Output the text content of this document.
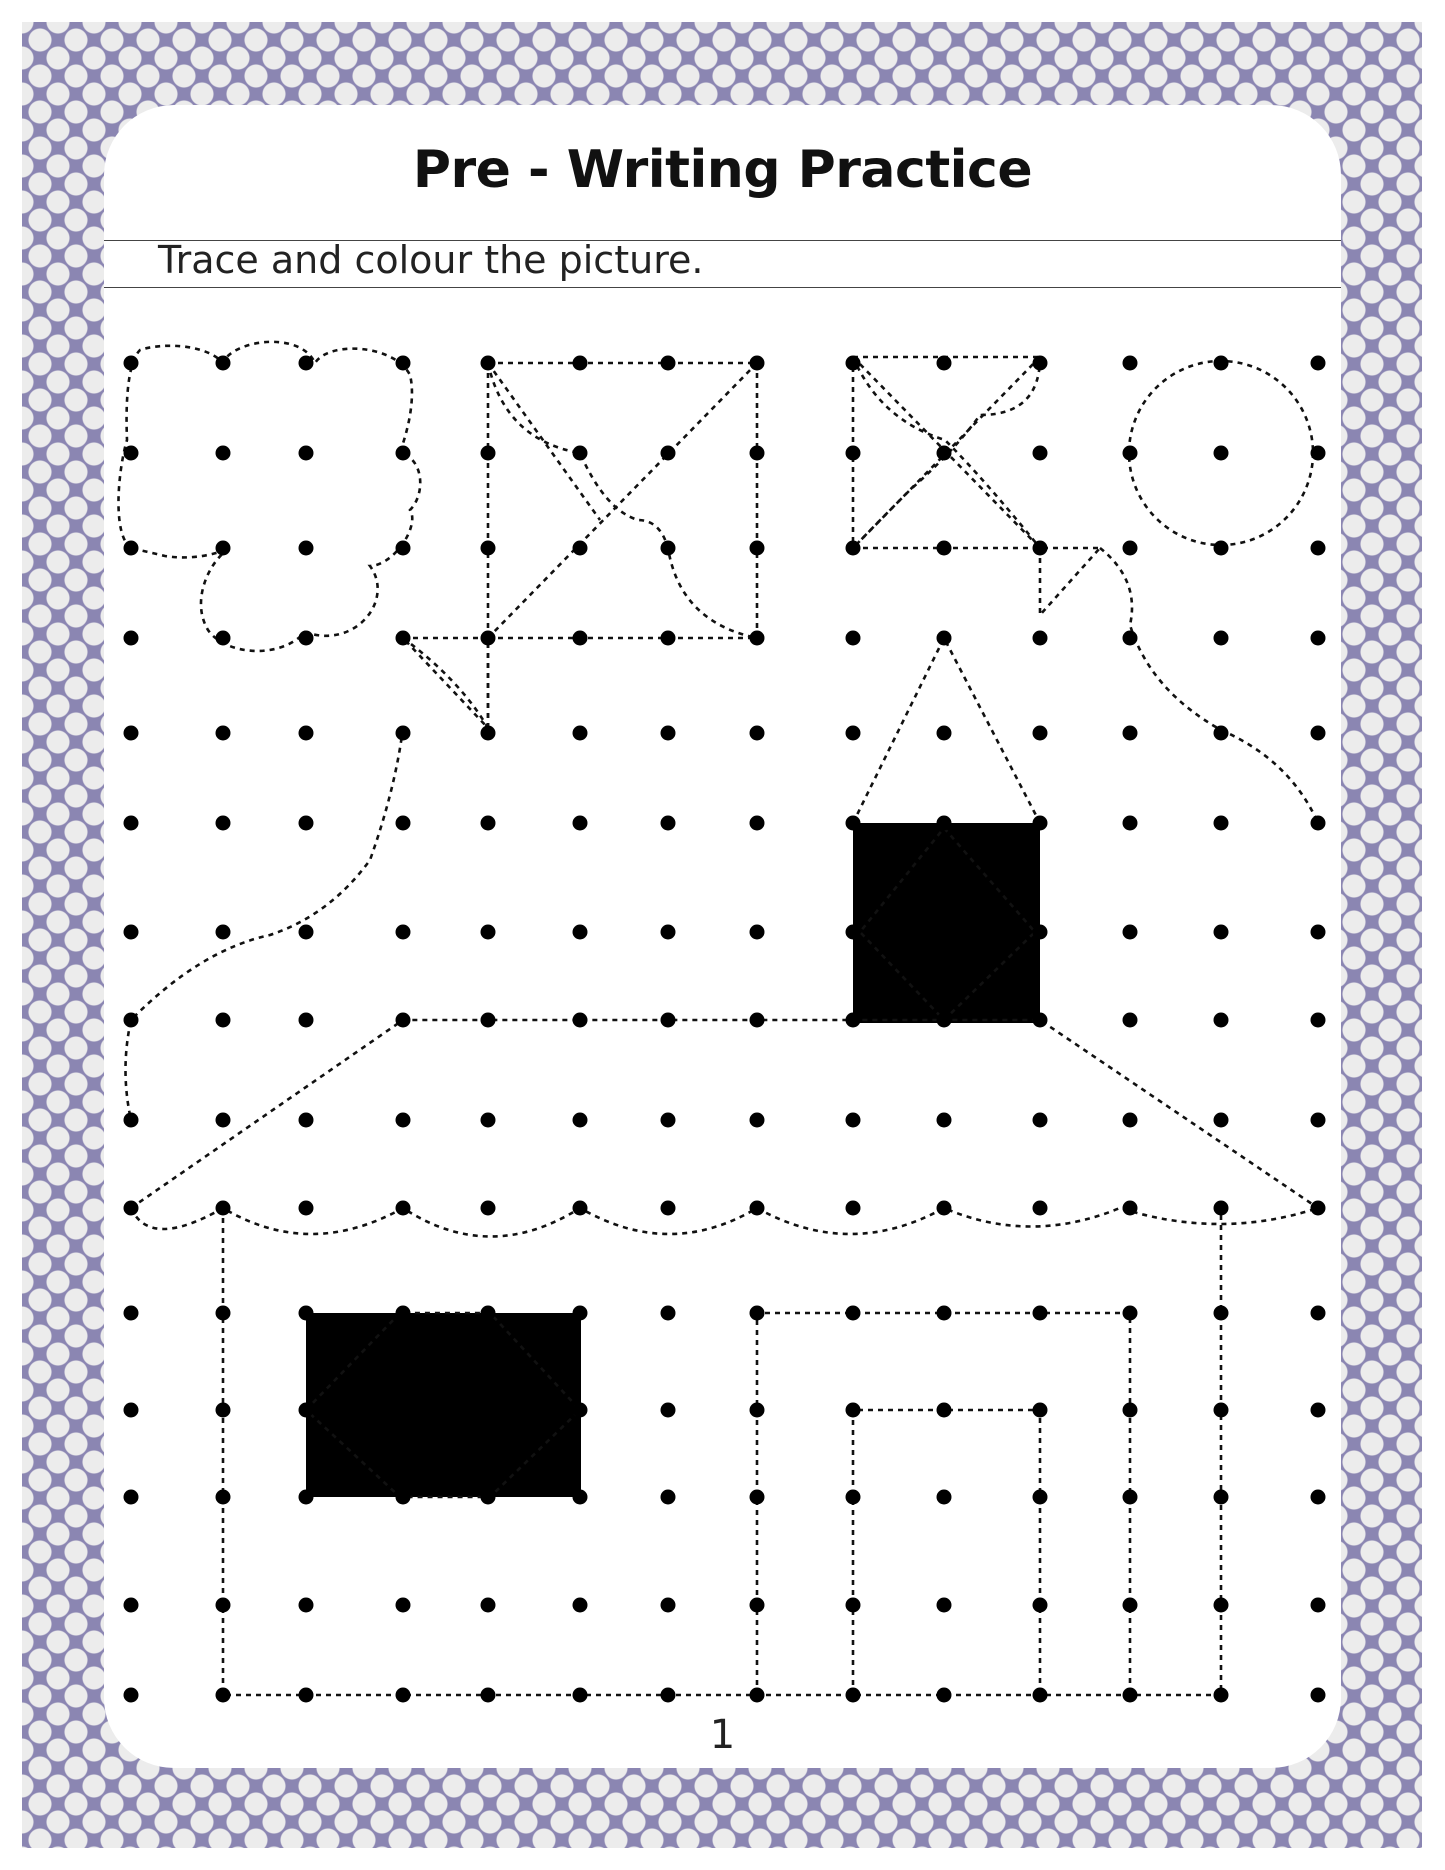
Pre - Writing Practice
Trace and colour the picture.
1
